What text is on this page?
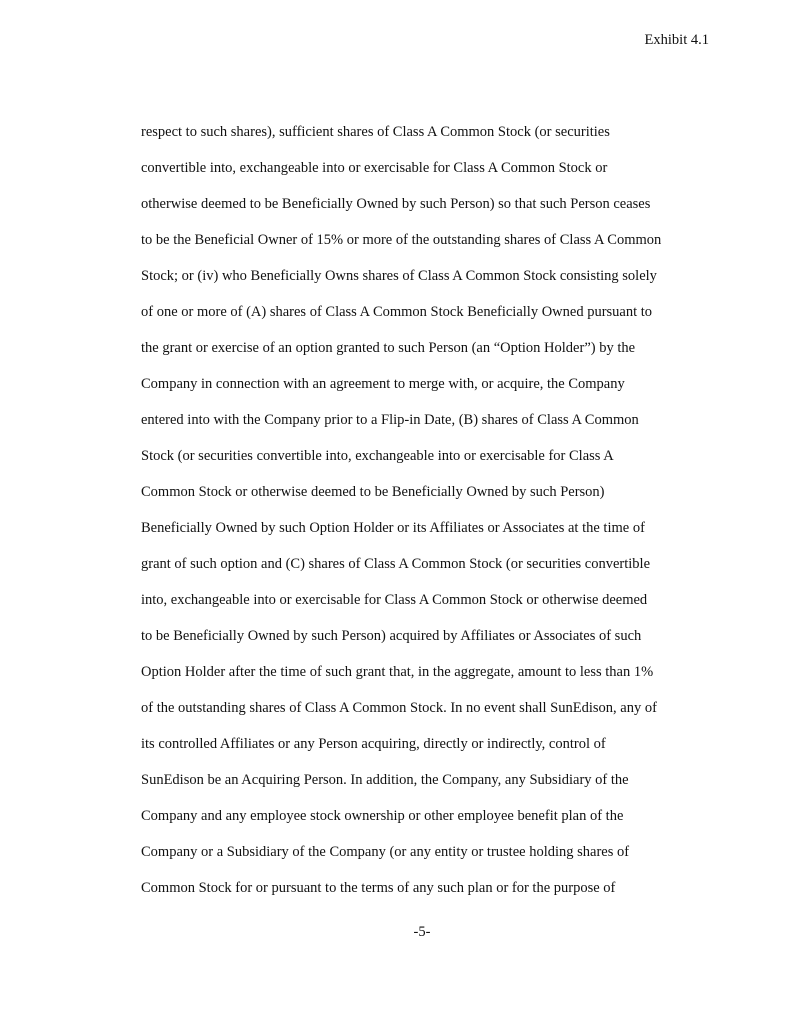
Exhibit 4.1
respect to such shares), sufficient shares of Class A Common Stock (or securities
convertible into, exchangeable into or exercisable for Class A Common Stock or
otherwise deemed to be Beneficially Owned by such Person) so that such Person ceases
to be the Beneficial Owner of 15% or more of the outstanding shares of Class A Common
Stock; or (iv) who Beneficially Owns shares of Class A Common Stock consisting solely
of one or more of (A) shares of Class A Common Stock Beneficially Owned pursuant to
the grant or exercise of an option granted to such Person (an “Option Holder”) by the
Company in connection with an agreement to merge with, or acquire, the Company
entered into with the Company prior to a Flip-in Date, (B) shares of Class A Common
Stock (or securities convertible into, exchangeable into or exercisable for Class A
Common Stock or otherwise deemed to be Beneficially Owned by such Person)
Beneficially Owned by such Option Holder or its Affiliates or Associates at the time of
grant of such option and (C) shares of Class A Common Stock (or securities convertible
into, exchangeable into or exercisable for Class A Common Stock or otherwise deemed
to be Beneficially Owned by such Person) acquired by Affiliates or Associates of such
Option Holder after the time of such grant that, in the aggregate, amount to less than 1%
of the outstanding shares of Class A Common Stock. In no event shall SunEdison, any of
its controlled Affiliates or any Person acquiring, directly or indirectly, control of
SunEdison be an Acquiring Person. In addition, the Company, any Subsidiary of the
Company and any employee stock ownership or other employee benefit plan of the
Company or a Subsidiary of the Company (or any entity or trustee holding shares of
Common Stock for or pursuant to the terms of any such plan or for the purpose of
-5-
